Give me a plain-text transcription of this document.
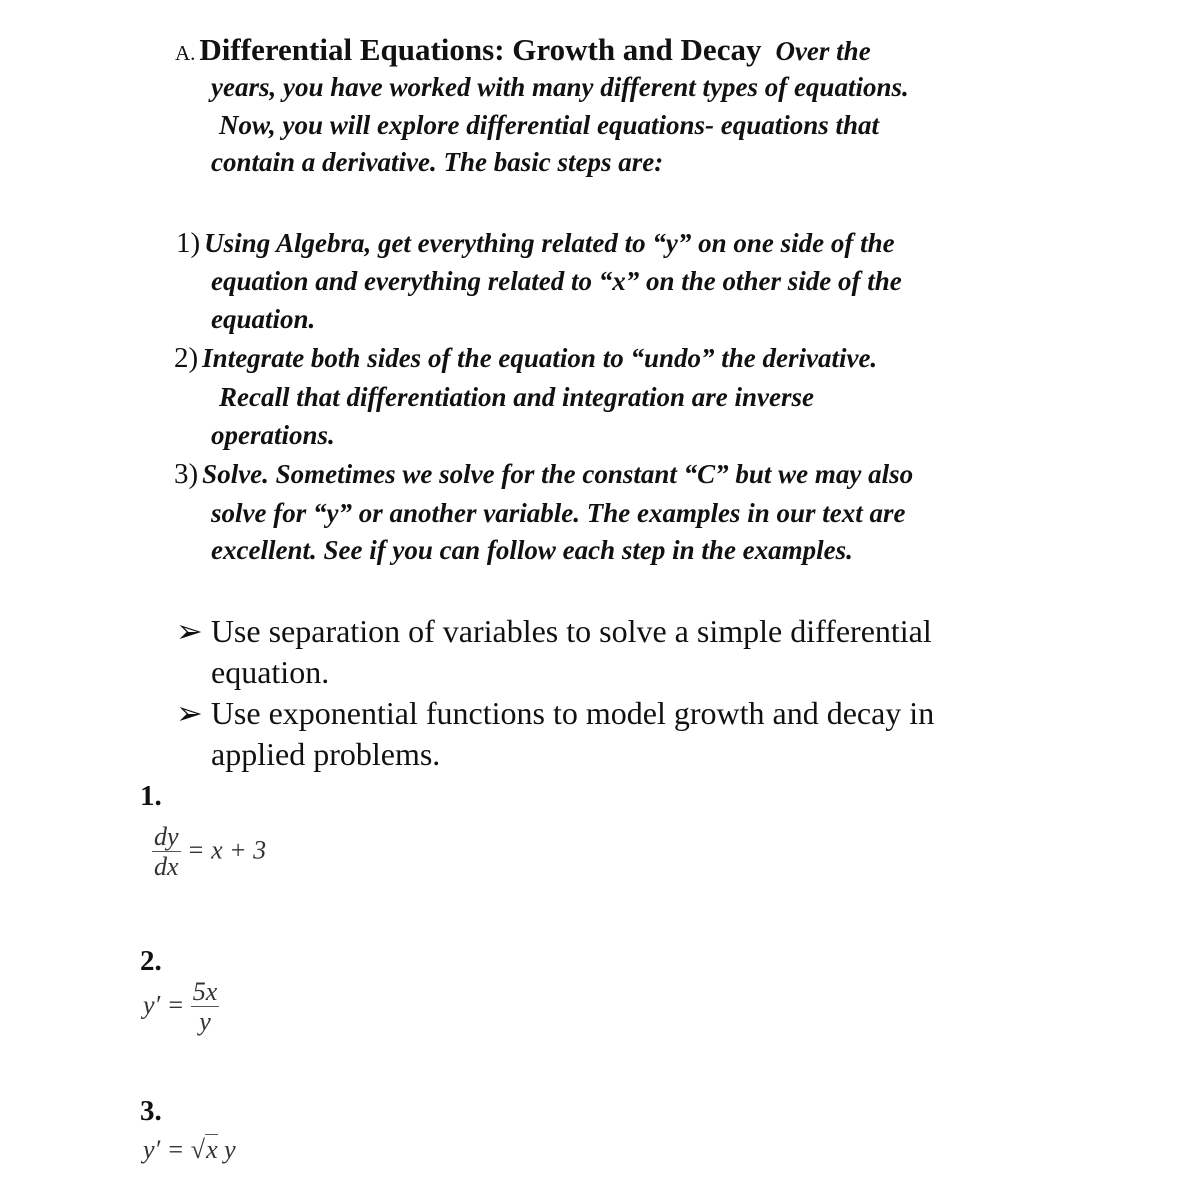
A. Differential Equations: Growth and Decay Over the
years, you have worked with many different types of equations.
Now, you will explore differential equations- equations that
contain a derivative. The basic steps are:
1) Using Algebra, get everything related to “y” on one side of the
equation and everything related to “x” on the other side of the
equation.
2) Integrate both sides of the equation to “undo” the derivative.
Recall that differentiation and integration are inverse
operations.
3) Solve. Sometimes we solve for the constant “C” but we may also
solve for “y” or another variable. The examples in our text are
excellent. See if you can follow each step in the examples.
➢ Use separation of variables to solve a simple differential
equation.
➢ Use exponential functions to model growth and decay in
applied problems.
1.
$\frac{dy}{dx} = x + 3$
2.
$y' = \frac{5x}{y}$
3.
y′ = √x y
